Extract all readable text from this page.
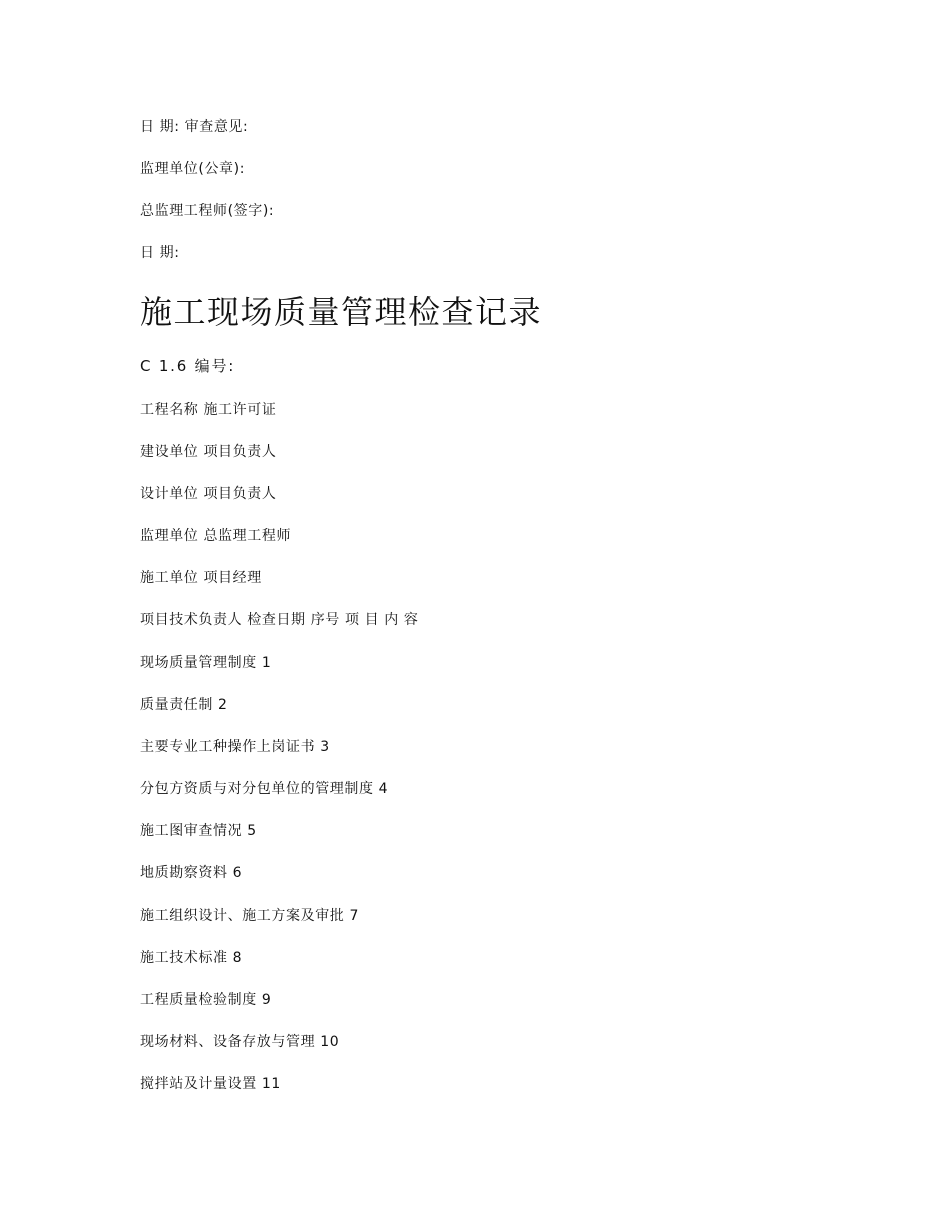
日 期: 审查意见:
监理单位(公章):
总监理工程师(签字):
日 期:
施工现场质量管理检查记录
C 1.6 编号:
工程名称 施工许可证
建设单位 项目负责人
设计单位 项目负责人
监理单位 总监理工程师
施工单位 项目经理
项目技术负责人 检查日期 序号 项 目 内 容
现场质量管理制度 1
质量责任制 2
主要专业工种操作上岗证书 3
分包方资质与对分包单位的管理制度 4
施工图审查情况 5
地质勘察资料 6
施工组织设计、施工方案及审批 7
施工技术标准 8
工程质量检验制度 9
现场材料、设备存放与管理 10
搅拌站及计量设置 11
